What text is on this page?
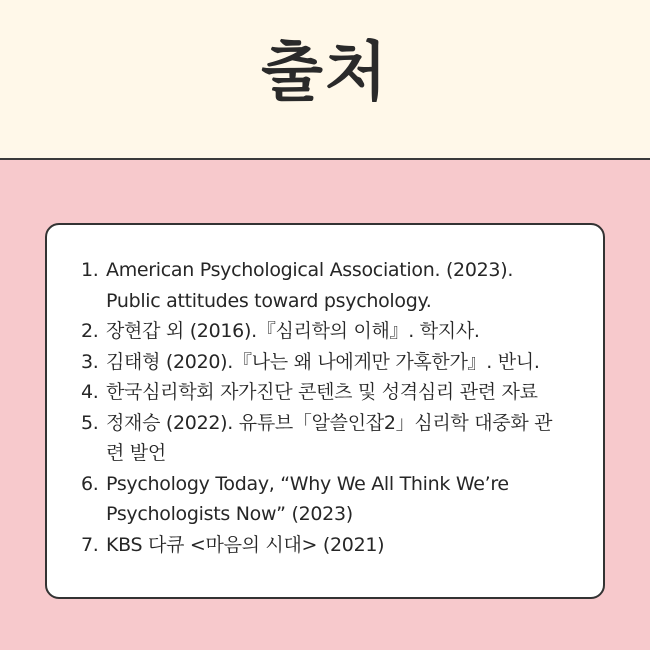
출처
1. American Psychological Association. (2023).
Public attitudes toward psychology.
2. 장현갑 외 (2016).『심리학의 이해』. 학지사.
3. 김태형 (2020).『나는 왜 나에게만 가혹한가』. 반니.
4. 한국심리학회 자가진단 콘텐츠 및 성격심리 관련 자료
5. 정재승 (2022). 유튜브「알쓸인잡2」심리학 대중화 관
련 발언
6. Psychology Today, “Why We All Think We’re
Psychologists Now” (2023)
7. KBS 다큐 <마음의 시대> (2021)
